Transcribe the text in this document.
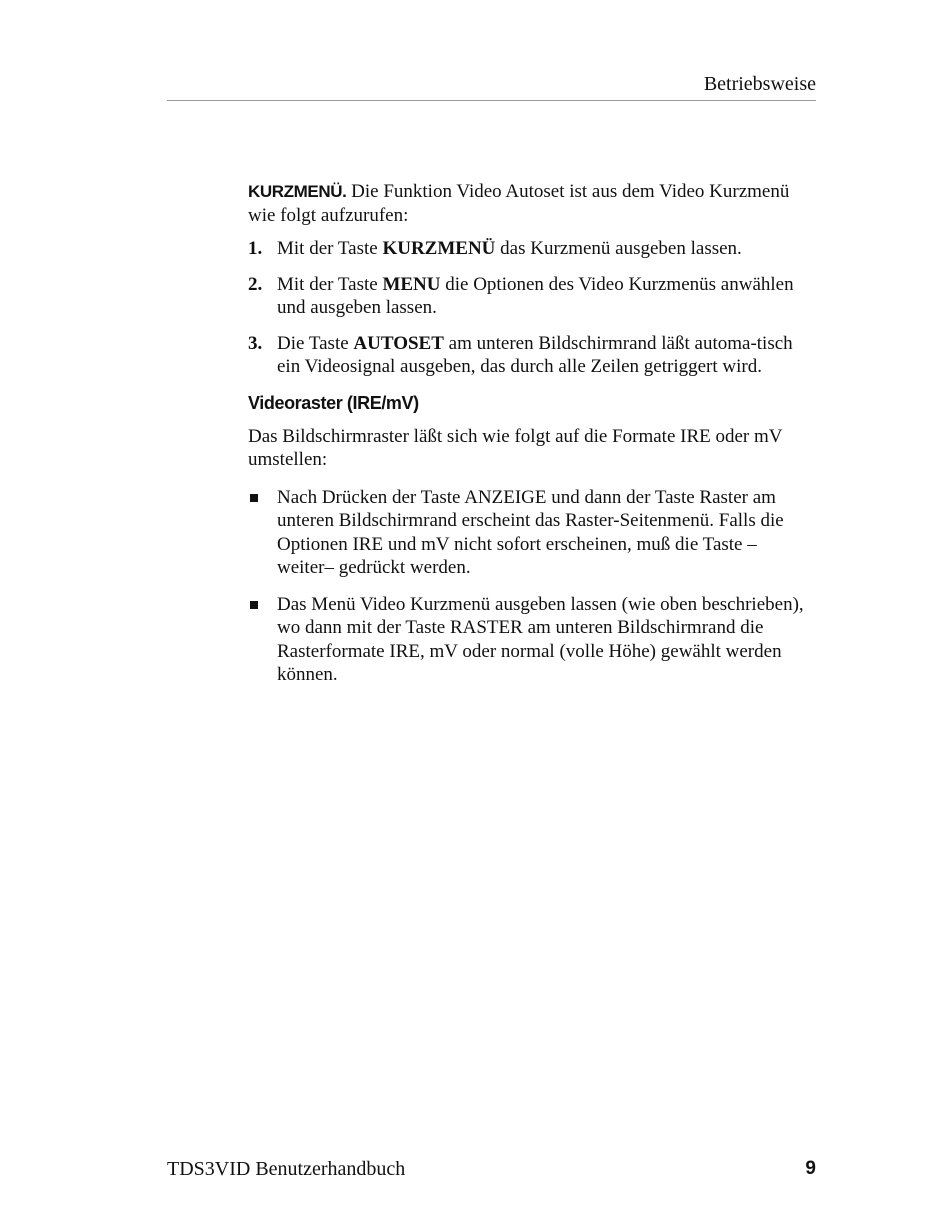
Betriebsweise

KURZMENÜ. Die Funktion Video Autoset ist aus dem Video Kurzmenü wie folgt aufzurufen:

1. Mit der Taste KURZMENÜ das Kurzmenü ausgeben lassen.
2. Mit der Taste MENU die Optionen des Video Kurzmenüs anwählen und ausgeben lassen.
3. Die Taste AUTOSET am unteren Bildschirmrand läßt automa-tisch ein Videosignal ausgeben, das durch alle Zeilen getriggert wird.
Videoraster (IRE/mV)

Das Bildschirmraster läßt sich wie folgt auf die Formate IRE oder mV umstellen:

Nach Drücken der Taste ANZEIGE und dann der Taste Raster am unteren Bildschirmrand erscheint das Raster-Seitenmenü. Falls die Optionen IRE und mV nicht sofort erscheinen, muß die Taste –weiter– gedrückt werden.
Das Menü Video Kurzmenü ausgeben lassen (wie oben beschrieben), wo dann mit der Taste RASTER am unteren Bildschirmrand die Rasterformate IRE, mV oder normal (volle Höhe) gewählt werden können.
TDS3VID Benutzerhandbuch	9
